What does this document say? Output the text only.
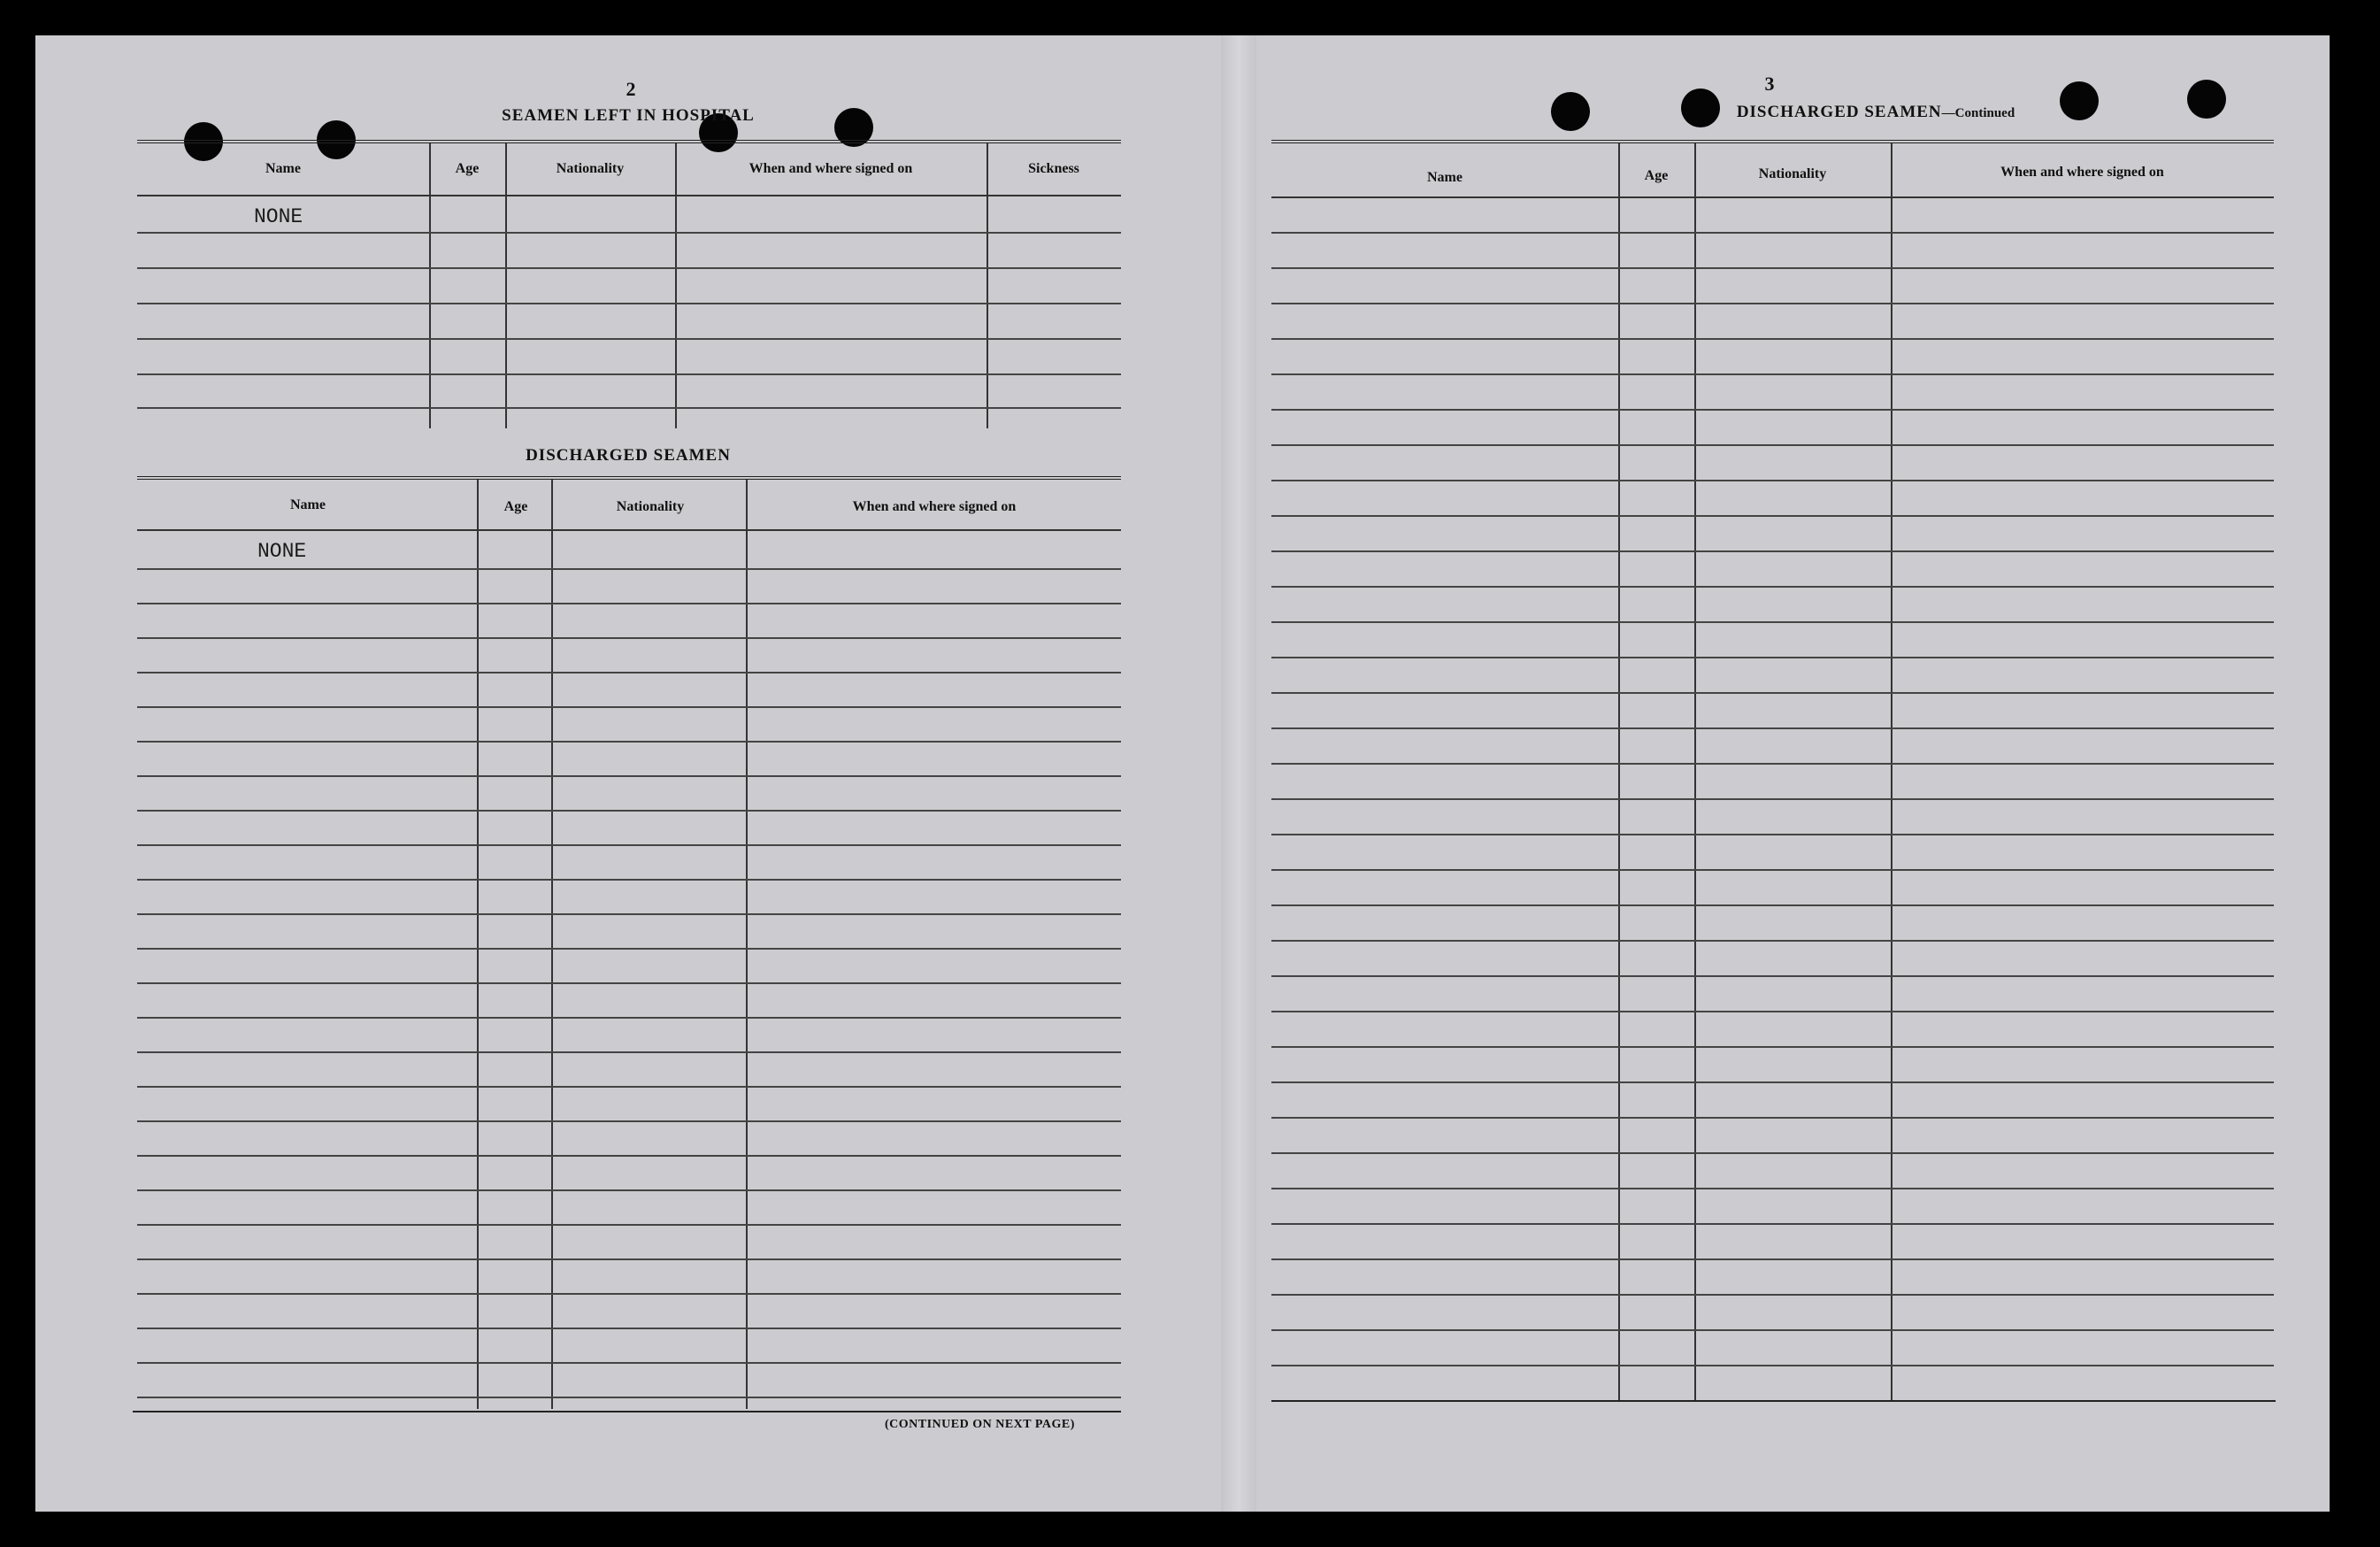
2
SEAMEN LEFT IN HOSPITAL
Name	Age	Nationality	When and where signed on	Sickness
NONE
DISCHARGED SEAMEN
Name	Age	Nationality	When and where signed on
NONE
(CONTINUED ON NEXT PAGE)
3
DISCHARGED SEAMEN—Continued
Name	Age	Nationality	When and where signed on
